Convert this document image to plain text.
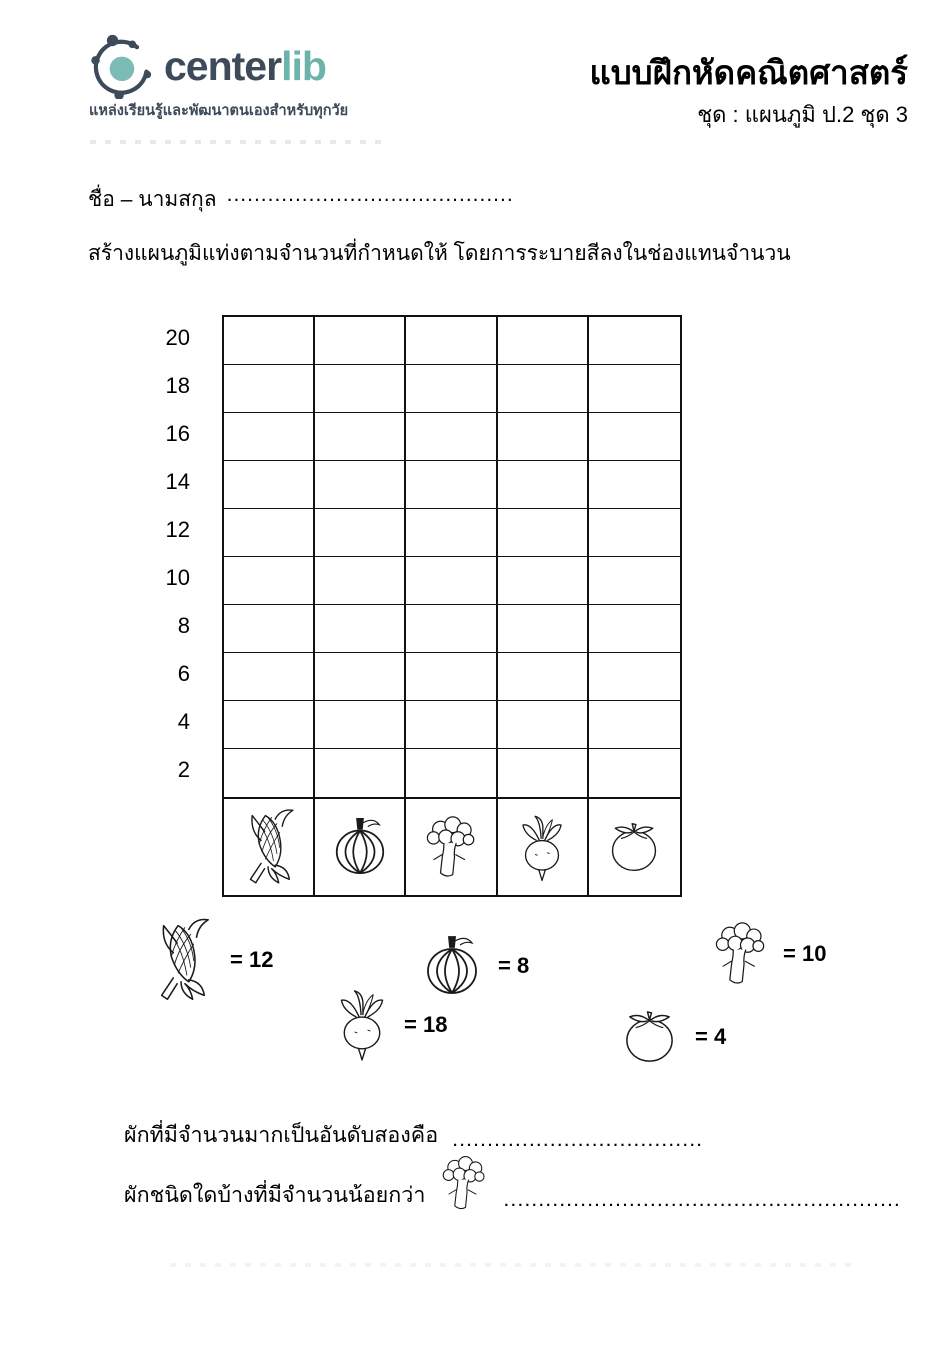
centerlib
แหล่งเรียนรู้และพัฒนาตนเองสำหรับทุกวัย
แบบฝึกหัดคณิตศาสตร์
ชุด : แผนภูมิ ป.2 ชุด 3
ชื่อ – นามสกุล ..........................................
สร้างแผนภูมิแท่งตามจำนวนที่กำหนดให้ โดยการระบายสีลงในช่องแทนจำนวน
20
18
16
14
12
10
8
6
4
2
= 12	= 8	= 10
= 18	= 4
ผักที่มีจำนวนมากเป็นอันดับสองคือ ....................................
ผักชนิดใดบ้างที่มีจำนวนน้อยกว่า	.........................................................
